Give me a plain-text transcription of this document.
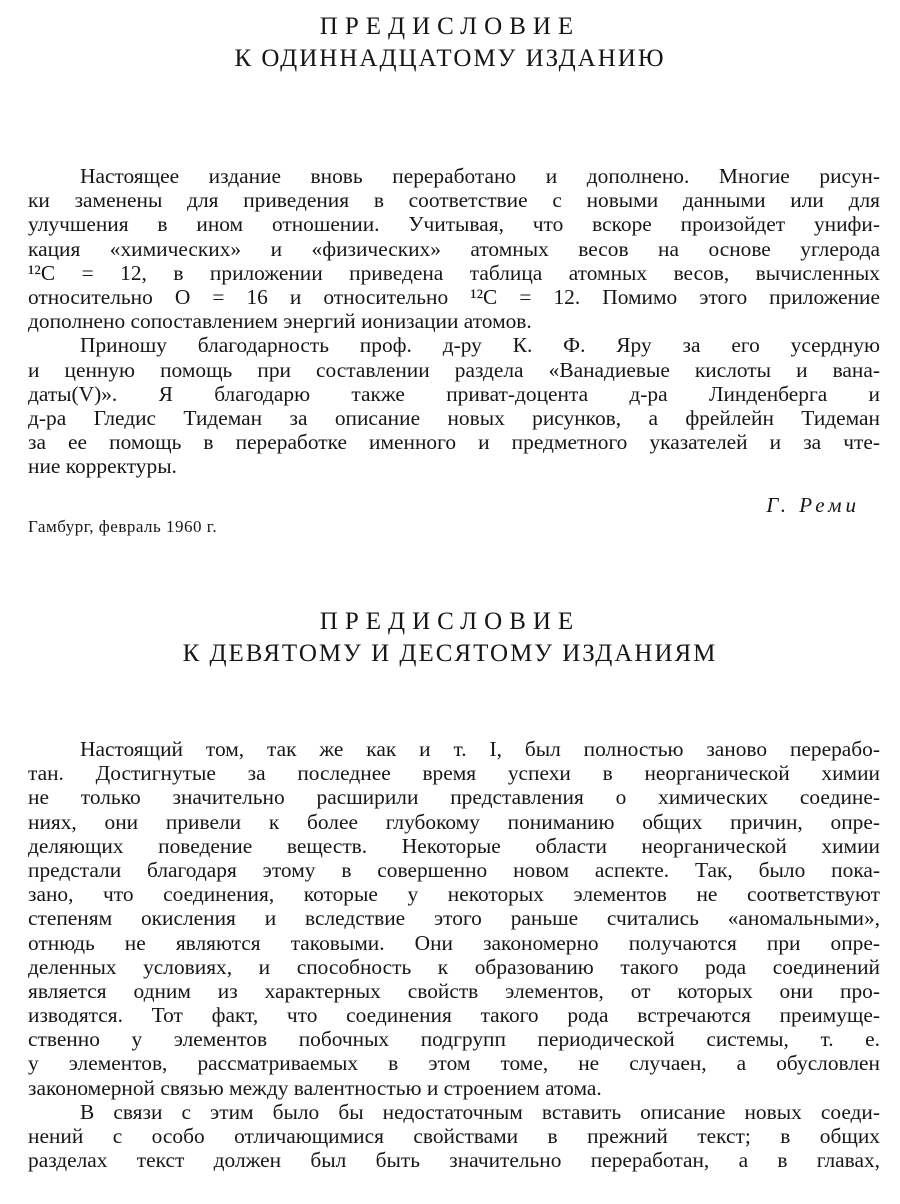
ПРЕДИСЛОВИЕ
К ОДИННАДЦАТОМУ ИЗДАНИЮ
Настоящее издание вновь переработано и дополнено. Многие рисун-
ки заменены для приведения в соответствие с новыми данными или для
улучшения в ином отношении. Учитывая, что вскоре произойдет унифи-
кация «химических» и «физических» атомных весов на основе углерода
¹²C = 12, в приложении приведена таблица атомных весов, вычисленных
относительно O = 16 и относительно ¹²C = 12. Помимо этого приложение
дополнено сопоставлением энергий ионизации атомов.
Приношу благодарность проф. д-ру К. Ф. Яру за его усердную
и ценную помощь при составлении раздела «Ванадиевые кислоты и вана-
даты(V)». Я благодарю также приват-доцента д-ра Линденберга и
д-ра Гледис Тидеман за описание новых рисунков, а фрейлейн Тидеман
за ее помощь в переработке именного и предметного указателей и за чте-
ние корректуры.
Г. Реми
Гамбург, февраль 1960 г.
ПРЕДИСЛОВИЕ
К ДЕВЯТОМУ И ДЕСЯТОМУ ИЗДАНИЯМ
Настоящий том, так же как и т. I, был полностью заново перерабо-
тан. Достигнутые за последнее время успехи в неорганической химии
не только значительно расширили представления о химических соедине-
ниях, они привели к более глубокому пониманию общих причин, опре-
деляющих поведение веществ. Некоторые области неорганической химии
предстали благодаря этому в совершенно новом аспекте. Так, было пока-
зано, что соединения, которые у некоторых элементов не соответствуют
степеням окисления и вследствие этого раньше считались «аномальными»,
отнюдь не являются таковыми. Они закономерно получаются при опре-
деленных условиях, и способность к образованию такого рода соединений
является одним из характерных свойств элементов, от которых они про-
изводятся. Тот факт, что соединения такого рода встречаются преимуще-
ственно у элементов побочных подгрупп периодической системы, т. е.
у элементов, рассматриваемых в этом томе, не случаен, а обусловлен
закономерной связью между валентностью и строением атома.
В связи с этим было бы недостаточным вставить описание новых соеди-
нений с особо отличающимися свойствами в прежний текст; в общих
разделах текст должен был быть значительно переработан, а в главах,
